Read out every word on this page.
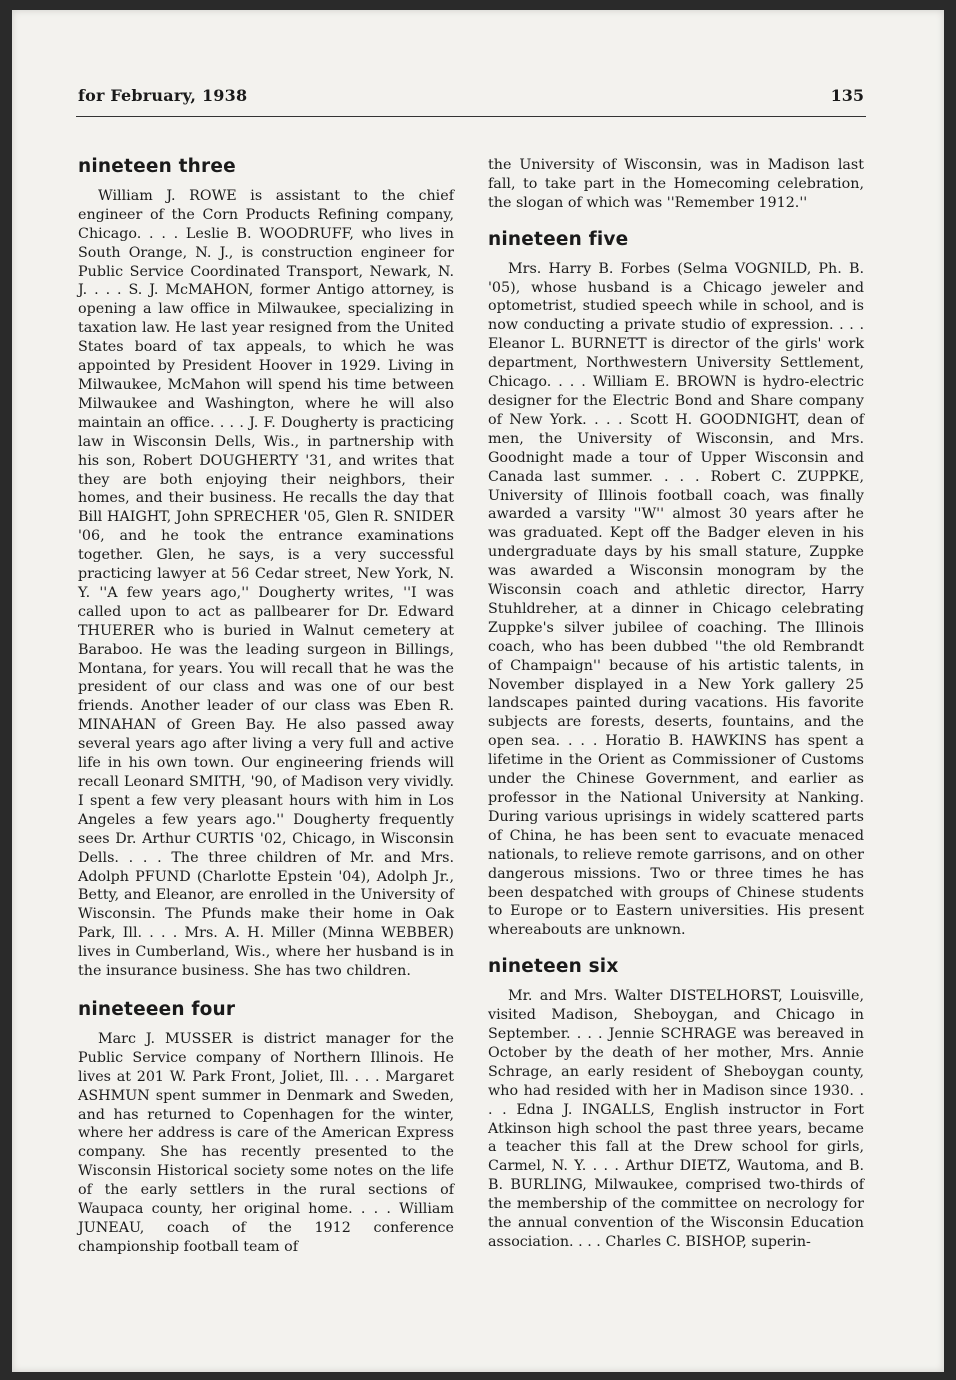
for February, 1938	135
nineteen three

William J. ROWE is assistant to the chief engineer of the Corn Products Refining company, Chicago. . . . Leslie B. WOODRUFF, who lives in South Orange, N. J., is construction engineer for Public Service Coordinated Transport, Newark, N. J. . . . S. J. McMAHON, former Antigo attorney, is opening a law office in Milwaukee, specializing in taxation law. He last year resigned from the United States board of tax appeals, to which he was appointed by President Hoover in 1929. Living in Milwaukee, McMahon will spend his time between Milwaukee and Washington, where he will also maintain an office. . . . J. F. Dougherty is practicing law in Wisconsin Dells, Wis., in partnership with his son, Robert DOUGHERTY '31, and writes that they are both enjoying their neighbors, their homes, and their business. He recalls the day that Bill HAIGHT, John SPRECHER '05, Glen R. SNIDER '06, and he took the entrance examinations together. Glen, he says, is a very successful practicing lawyer at 56 Cedar street, New York, N. Y. ''A few years ago,'' Dougherty writes, ''I was called upon to act as pallbearer for Dr. Edward THUERER who is buried in Walnut cemetery at Baraboo. He was the leading surgeon in Billings, Montana, for years. You will recall that he was the president of our class and was one of our best friends. Another leader of our class was Eben R. MINAHAN of Green Bay. He also passed away several years ago after living a very full and active life in his own town. Our engineering friends will recall Leonard SMITH, '90, of Madison very vividly. I spent a few very pleasant hours with him in Los Angeles a few years ago.'' Dougherty frequently sees Dr. Arthur CURTIS '02, Chicago, in Wisconsin Dells. . . . The three children of Mr. and Mrs. Adolph PFUND (Charlotte Epstein '04), Adolph Jr., Betty, and Eleanor, are enrolled in the University of Wisconsin. The Pfunds make their home in Oak Park, Ill. . . . Mrs. A. H. Miller (Minna WEBBER) lives in Cumberland, Wis., where her husband is in the insurance business. She has two children.

nineteeen four

Marc J. MUSSER is district manager for the Public Service company of Northern Illinois. He lives at 201 W. Park Front, Joliet, Ill. . . . Margaret ASHMUN spent summer in Denmark and Sweden, and has returned to Copenhagen for the winter, where her address is care of the American Express company. She has recently presented to the Wisconsin Historical society some notes on the life of the early settlers in the rural sections of Waupaca county, her original home. . . . William JUNEAU, coach of the 1912 conference championship football team of

the University of Wisconsin, was in Madison last fall, to take part in the Homecoming celebration, the slogan of which was ''Remember 1912.''

nineteen five

Mrs. Harry B. Forbes (Selma VOGNILD, Ph. B. '05), whose husband is a Chicago jeweler and optometrist, studied speech while in school, and is now conducting a private studio of expression. . . . Eleanor L. BURNETT is director of the girls' work department, Northwestern University Settlement, Chicago. . . . William E. BROWN is hydro-electric designer for the Electric Bond and Share company of New York. . . . Scott H. GOODNIGHT, dean of men, the University of Wisconsin, and Mrs. Goodnight made a tour of Upper Wisconsin and Canada last summer. . . . Robert C. ZUPPKE, University of Illinois football coach, was finally awarded a varsity ''W'' almost 30 years after he was graduated. Kept off the Badger eleven in his undergraduate days by his small stature, Zuppke was awarded a Wisconsin monogram by the Wisconsin coach and athletic director, Harry Stuhldreher, at a dinner in Chicago celebrating Zuppke's silver jubilee of coaching. The Illinois coach, who has been dubbed ''the old Rembrandt of Champaign'' because of his artistic talents, in November displayed in a New York gallery 25 landscapes painted during vacations. His favorite subjects are forests, deserts, fountains, and the open sea. . . . Horatio B. HAWKINS has spent a lifetime in the Orient as Commissioner of Customs under the Chinese Government, and earlier as professor in the National University at Nanking. During various uprisings in widely scattered parts of China, he has been sent to evacuate menaced nationals, to relieve remote garrisons, and on other dangerous missions. Two or three times he has been despatched with groups of Chinese students to Europe or to Eastern universities. His present whereabouts are unknown.

nineteen six

Mr. and Mrs. Walter DISTELHORST, Louisville, visited Madison, Sheboygan, and Chicago in September. . . . Jennie SCHRAGE was bereaved in October by the death of her mother, Mrs. Annie Schrage, an early resident of Sheboygan county, who had resided with her in Madison since 1930. . . . Edna J. INGALLS, English instructor in Fort Atkinson high school the past three years, became a teacher this fall at the Drew school for girls, Carmel, N. Y. . . . Arthur DIETZ, Wautoma, and B. B. BURLING, Milwaukee, comprised two-thirds of the membership of the committee on necrology for the annual convention of the Wisconsin Education association. . . . Charles C. BISHOP, superin-
